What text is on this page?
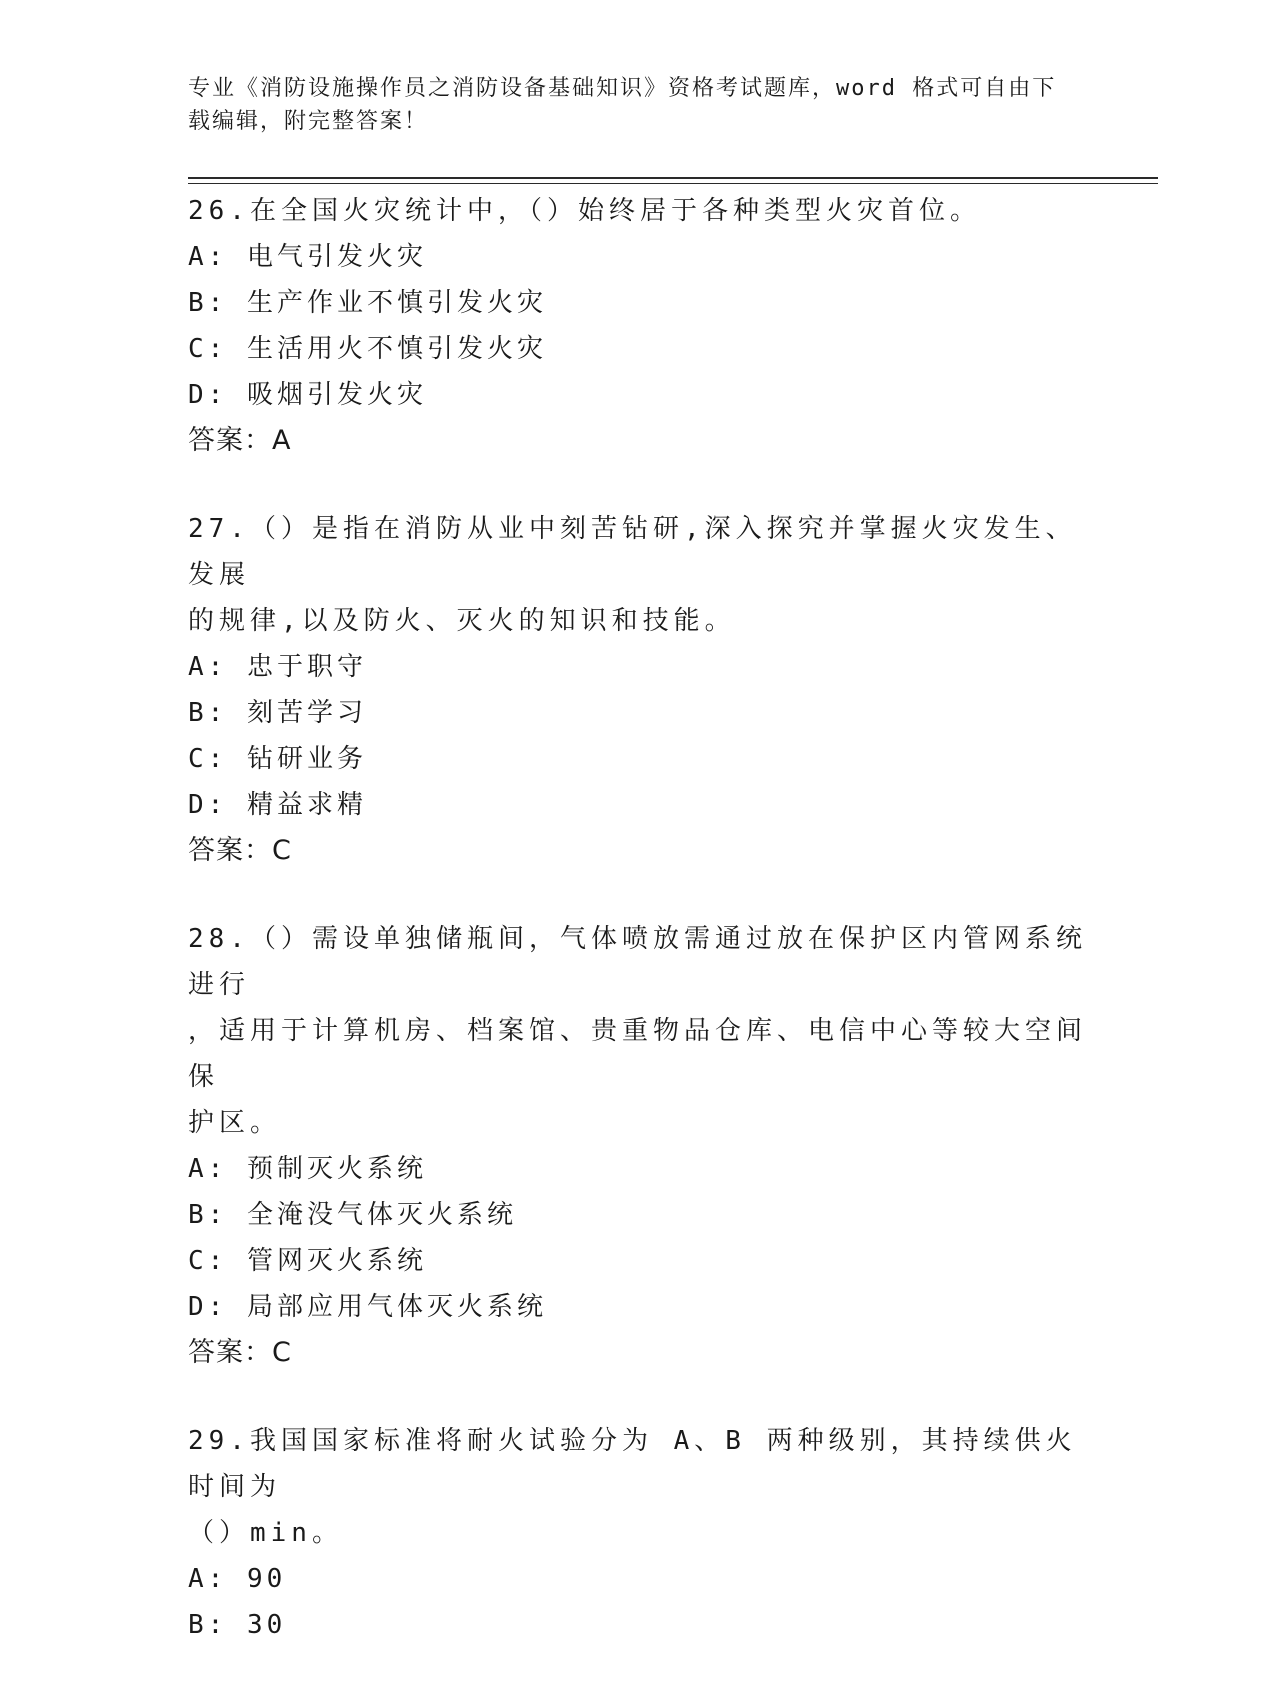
专业《消防设施操作员之消防设备基础知识》资格考试题库，word 格式可自由下
载编辑，附完整答案！
26.在全国火灾统计中，（）始终居于各种类型火灾首位。
A: 电气引发火灾
B: 生产作业不慎引发火灾
C: 生活用火不慎引发火灾
D: 吸烟引发火灾
答案：A
27.（）是指在消防从业中刻苦钻研,深入探究并掌握火灾发生、发展
的规律,以及防火、灭火的知识和技能。
A: 忠于职守
B: 刻苦学习
C: 钻研业务
D: 精益求精
答案：C
28.（）需设单独储瓶间，气体喷放需通过放在保护区内管网系统进行
，适用于计算机房、档案馆、贵重物品仓库、电信中心等较大空间保
护区。
A: 预制灭火系统
B: 全淹没气体灭火系统
C: 管网灭火系统
D: 局部应用气体灭火系统
答案：C
29.我国国家标准将耐火试验分为 A、B 两种级别，其持续供火时间为
（）min。
A: 90
B: 30
